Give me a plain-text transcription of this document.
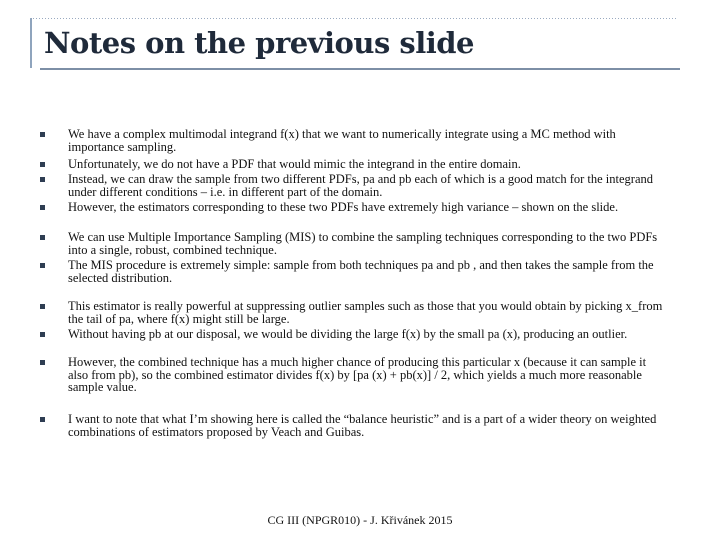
Notes on the previous slide
We have a complex multimodal integrand f(x) that we want to numerically integrate using a MC method with importance sampling.
Unfortunately, we do not have a PDF that would mimic the integrand in the entire domain.
Instead, we can draw the sample from two different PDFs, pa and pb each of which is a good match for the integrand under different conditions – i.e. in different part of the domain.
However, the estimators corresponding to these two PDFs have extremely high variance – shown on the slide.
We can use Multiple Importance Sampling (MIS) to combine the sampling techniques corresponding to the two PDFs into a single, robust, combined technique.
The MIS procedure is extremely simple: sample from both techniques pa and pb , and then takes the sample from the selected distribution.
This estimator is really powerful at suppressing outlier samples such as those that you would obtain by picking x_from the tail of pa, where f(x) might still be large.
Without having pb at our disposal, we would be dividing the large f(x) by the small pa (x), producing an outlier.
However, the combined technique has a much higher chance of producing this particular x (because it can sample it also from pb), so the combined estimator divides f(x) by [pa (x) + pb(x)] / 2, which yields a much more reasonable sample value.
I want to note that what I’m showing here is called the “balance heuristic” and is a part of a wider theory on weighted combinations of estimators proposed by Veach and Guibas.
CG III (NPGR010) - J. Křivánek 2015
